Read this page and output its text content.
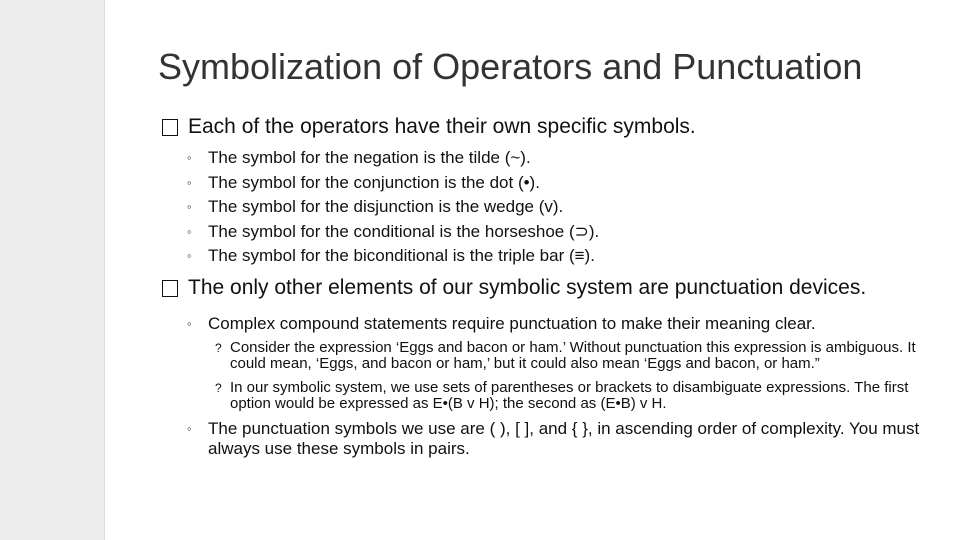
Symbolization of Operators and Punctuation
Each of the operators have their own specific symbols.
◦ The symbol for the negation is the tilde (~).
◦ The symbol for the conjunction is the dot (•).
◦ The symbol for the disjunction is the wedge (v).
◦ The symbol for the conditional is the horseshoe (⊃).
◦ The symbol for the biconditional is the triple bar (≡).
The only other elements of our symbolic system are punctuation devices.
◦ Complex compound statements require punctuation to make their meaning clear.
? Consider the expression ‘Eggs and bacon or ham.’ Without punctuation this expression is ambiguous. It could mean, ‘Eggs, and bacon or ham,’ but it could also mean ‘Eggs and bacon, or ham.”
? In our symbolic system, we use sets of parentheses or brackets to disambiguate expressions. The first option would be expressed as E•(B v H); the second as (E•B) v H.
◦ The punctuation symbols we use are ( ), [ ], and { }, in ascending order of complexity. You must always use these symbols in pairs.
